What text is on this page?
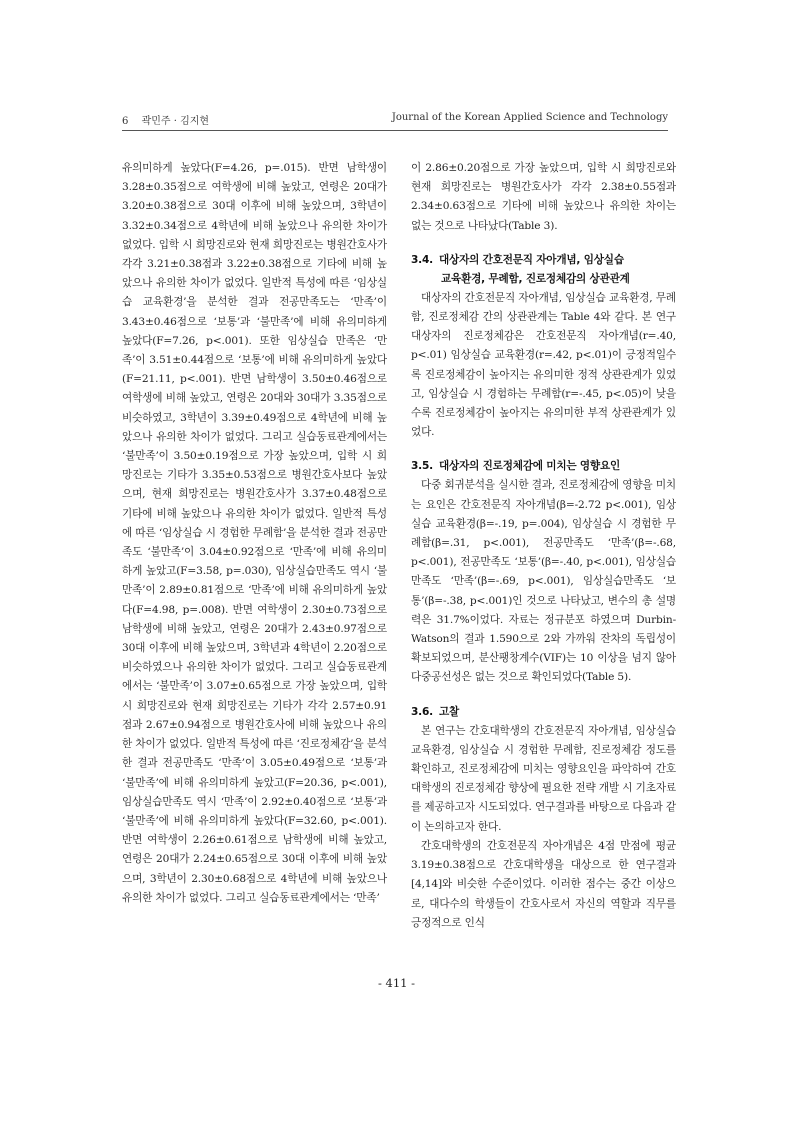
6 곽민주 · 김지현	Journal of the Korean Applied Science and Technology

유의미하게 높았다(F=4.26, p=.015). 반면 남학생이 3.28±0.35점으로 여학생에 비해 높았고, 연령은 20대가 3.20±0.38점으로 30대 이후에 비해 높았으며, 3학년이 3.32±0.34점으로 4학년에 비해 높았으나 유의한 차이가 없었다. 입학 시 희망진로와 현재 희망진로는 병원간호사가 각각 3.21±0.38점과 3.22±0.38점으로 기타에 비해 높았으나 유의한 차이가 없었다. 일반적 특성에 따른 ‘임상실습 교육환경’을 분석한 결과 전공만족도는 ‘만족’이 3.43±0.46점으로 ‘보통’과 ‘불만족’에 비해 유의미하게 높았다(F=7.26, p<.001). 또한 임상실습 만족은 ‘만족’이 3.51±0.44점으로 ‘보통’에 비해 유의미하게 높았다(F=21.11, p<.001). 반면 남학생이 3.50±0.46점으로 여학생에 비해 높았고, 연령은 20대와 30대가 3.35점으로 비슷하였고, 3학년이 3.39±0.49점으로 4학년에 비해 높았으나 유의한 차이가 없었다. 그리고 실습동료관계에서는 ‘불만족’이 3.50±0.19점으로 가장 높았으며, 입학 시 희망진로는 기타가 3.35±0.53점으로 병원간호사보다 높았으며, 현재 희망진로는 병원간호사가 3.37±0.48점으로 기타에 비해 높았으나 유의한 차이가 없었다. 일반적 특성에 따른 ‘임상실습 시 경험한 무례함’을 분석한 결과 전공만족도 ‘불만족’이 3.04±0.92점으로 ‘만족’에 비해 유의미하게 높았고(F=3.58, p=.030), 임상실습만족도 역시 ‘불만족’이 2.89±0.81점으로 ‘만족’에 비해 유의미하게 높았다(F=4.98, p=.008). 반면 여학생이 2.30±0.73점으로 남학생에 비해 높았고, 연령은 20대가 2.43±0.97점으로 30대 이후에 비해 높았으며, 3학년과 4학년이 2.20점으로 비슷하였으나 유의한 차이가 없었다. 그리고 실습동료관계에서는 ‘불만족’이 3.07±0.65점으로 가장 높았으며, 입학 시 희망진로와 현재 희망진로는 기타가 각각 2.57±0.91점과 2.67±0.94점으로 병원간호사에 비해 높았으나 유의한 차이가 없었다. 일반적 특성에 따른 ‘진로정체감’을 분석한 결과 전공만족도 ‘만족’이 3.05±0.49점으로 ‘보통’과 ‘불만족’에 비해 유의미하게 높았고(F=20.36, p<.001), 임상실습만족도 역시 ‘만족’이 2.92±0.40점으로 ‘보통’과 ‘불만족’에 비해 유의미하게 높았다(F=32.60, p<.001). 반면 여학생이 2.26±0.61점으로 남학생에 비해 높았고, 연령은 20대가 2.24±0.65점으로 30대 이후에 비해 높았으며, 3학년이 2.30±0.68점으로 4학년에 비해 높았으나 유의한 차이가 없었다. 그리고 실습동료관계에서는 ‘만족’

이 2.86±0.20점으로 가장 높았으며, 입학 시 희망진로와 현재 희망진로는 병원간호사가 각각 2.38±0.55점과 2.34±0.63점으로 기타에 비해 높았으나 유의한 차이는 없는 것으로 나타났다(Table 3).

3.4. 대상자의 간호전문직 자아개념, 임상실습
교육환경, 무례함, 진로정체감의 상관관계

대상자의 간호전문직 자아개념, 임상실습 교육환경, 무례함, 진로정체감 간의 상관관계는 Table 4와 같다. 본 연구 대상자의 진로정체감은 간호전문직 자아개념(r=.40, p<.01) 임상실습 교육환경(r=.42, p<.01)이 긍정적일수록 진로정체감이 높아지는 유의미한 정적 상관관계가 있었고, 임상실습 시 경험하는 무례함(r=-.45, p<.05)이 낮을수록 진로정체감이 높아지는 유의미한 부적 상관관계가 있었다.

3.5. 대상자의 진로정체감에 미치는 영향요인

다중 회귀분석을 실시한 결과, 진로정체감에 영향을 미치는 요인은 간호전문직 자아개념(β=-2.72 p<.001), 임상실습 교육환경(β=-.19, p=.004), 임상실습 시 경험한 무례함(β=.31, p<.001), 전공만족도 ‘만족’(β=-.68, p<.001), 전공만족도 ‘보통’(β=-.40, p<.001), 임상실습만족도 ‘만족’(β=-.69, p<.001), 임상실습만족도 ‘보통’(β=-.38, p<.001)인 것으로 나타났고, 변수의 총 설명력은 31.7%이었다. 자료는 정규분포 하였으며 Durbin-Watson의 결과 1.590으로 2와 가까워 잔차의 독립성이 확보되었으며, 분산팽창계수(VIF)는 10 이상을 넘지 않아 다중공선성은 없는 것으로 확인되었다(Table 5).

3.6. 고찰

본 연구는 간호대학생의 간호전문직 자아개념, 임상실습 교육환경, 임상실습 시 경험한 무례함, 진로정체감 정도를 확인하고, 진로정체감에 미치는 영향요인을 파악하여 간호대학생의 진로정체감 향상에 필요한 전략 개발 시 기초자료를 제공하고자 시도되었다. 연구결과를 바탕으로 다음과 같이 논의하고자 한다.

간호대학생의 간호전문직 자아개념은 4점 만점에 평균 3.19±0.38점으로 간호대학생을 대상으로 한 연구결과[4,14]와 비슷한 수준이었다. 이러한 점수는 중간 이상으로, 대다수의 학생들이 간호사로서 자신의 역할과 직무를 긍정적으로 인식

- 411 -
